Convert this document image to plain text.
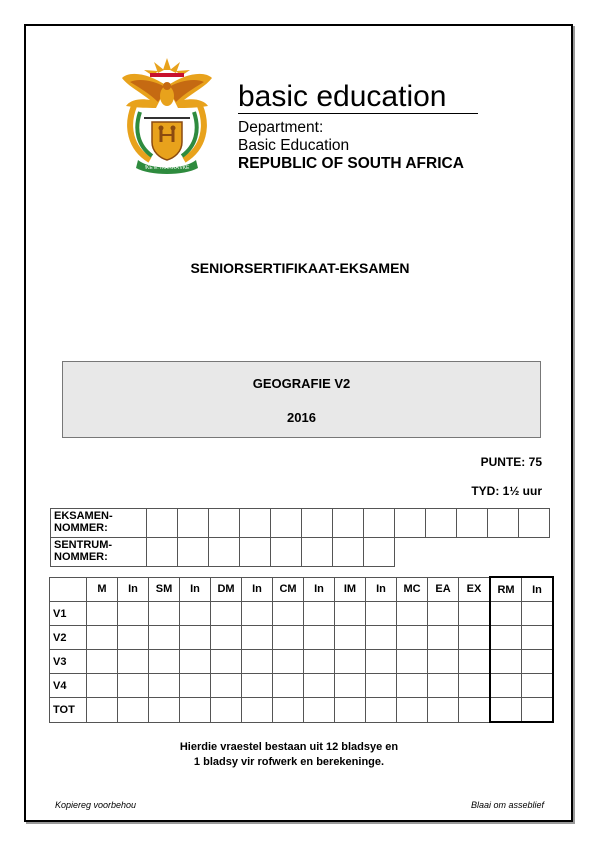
!KE E: /XARRA //KE
basic education
Department:
Basic Education
REPUBLIC OF SOUTH AFRICA
SENIORSERTIFIKAAT-EKSAMEN
GEOGRAFIE V2
2016
PUNTE: 75
TYD: 1½ uur
EKSAMEN-
NOMMER:													
SENTRUM-
NOMMER:													
	M	In	SM	In	DM	In	CM	In	IM	In	MC	EA	EX	RM	In
V1															
V2															
V3															
V4															
TOT															
Hierdie vraestel bestaan uit 12 bladsye en
1 bladsy vir rofwerk en berekeninge.
Kopiereg voorbehou	Blaai om asseblief
